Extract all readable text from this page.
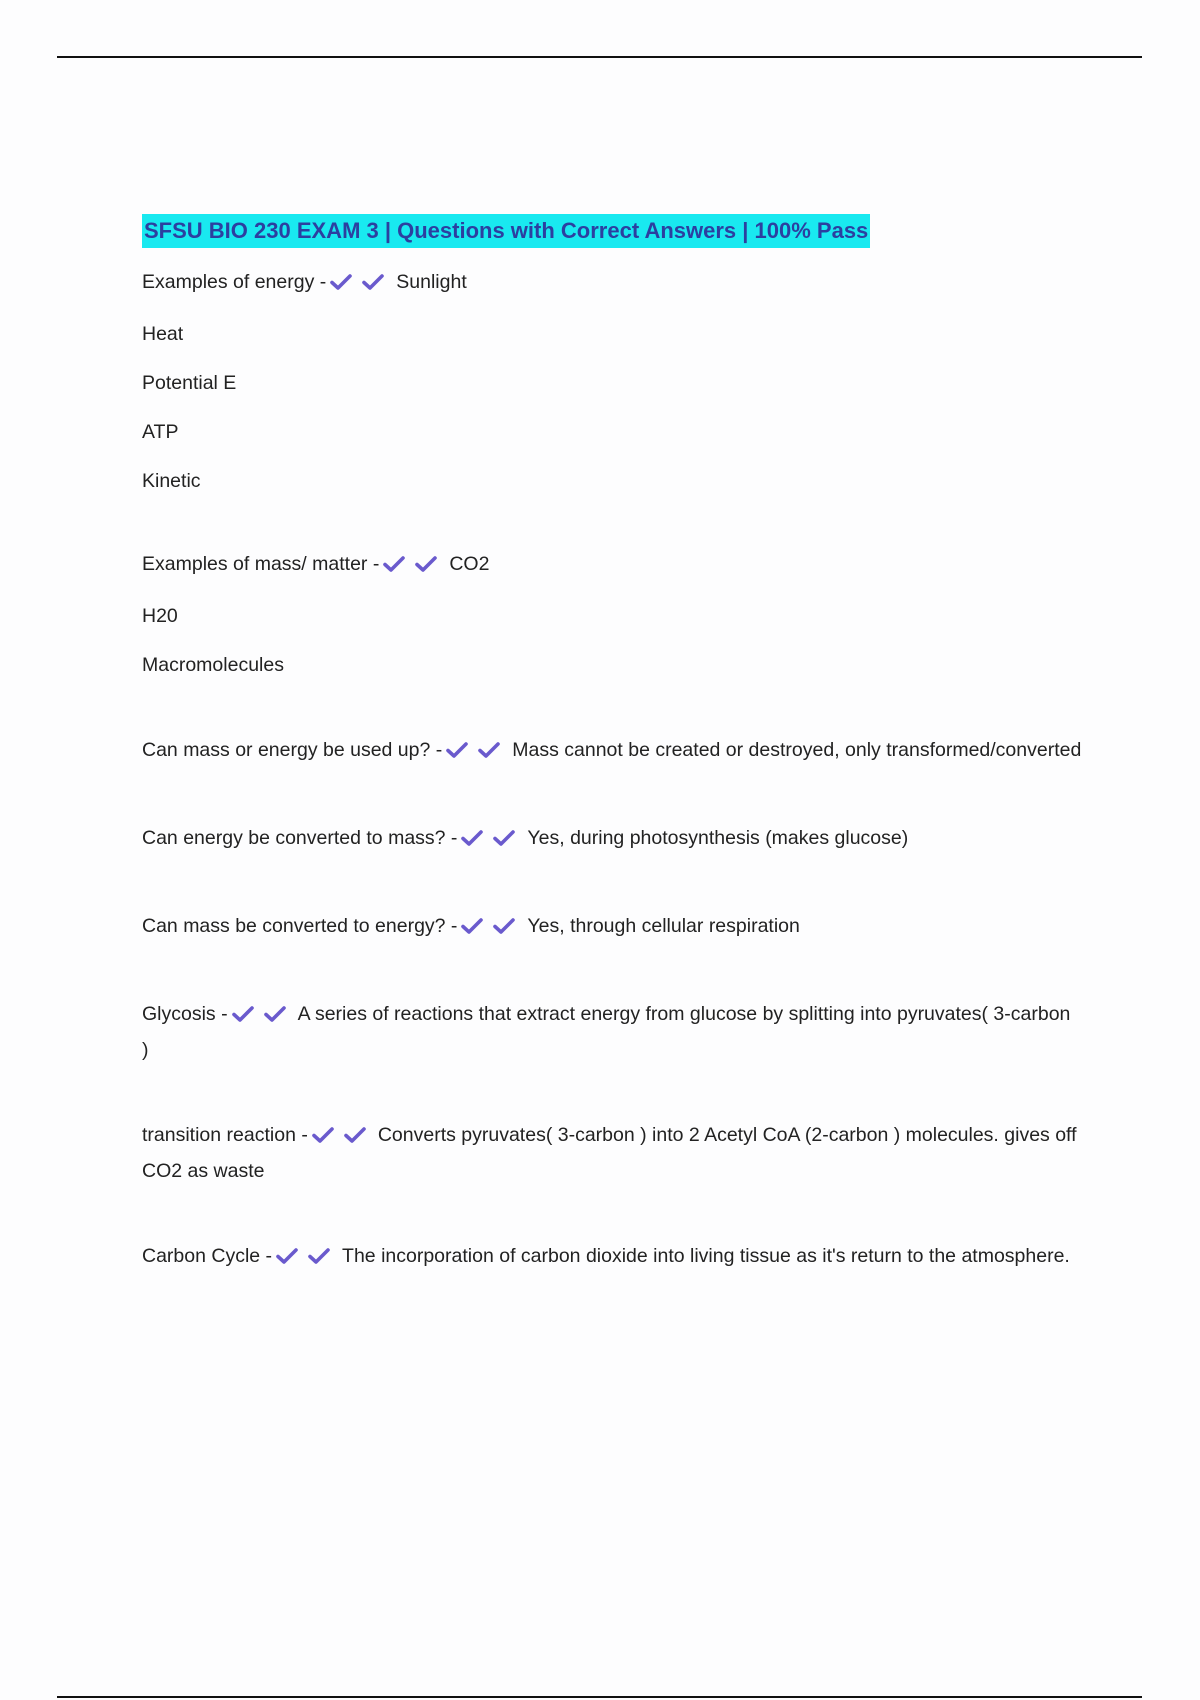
SFSU BIO 230 EXAM 3 | Questions with Correct Answers | 100% Pass

Examples of energy -	Sunlight

Heat

Potential E

ATP

Kinetic

Examples of mass/ matter -	CO2

H20

Macromolecules

Can mass or energy be used up? -	Mass cannot be created or destroyed, only transformed/converted

Can energy be converted to mass? -	Yes, during photosynthesis (makes glucose)

Can mass be converted to energy? -	Yes, through cellular respiration

Glycosis -	A series of reactions that extract energy from glucose by splitting into pyruvates( 3-carbon )

transition reaction -	Converts pyruvates( 3-carbon ) into 2 Acetyl CoA (2-carbon ) molecules. gives off CO2 as waste

Carbon Cycle -	The incorporation of carbon dioxide into living tissue as it's return to the atmosphere.
